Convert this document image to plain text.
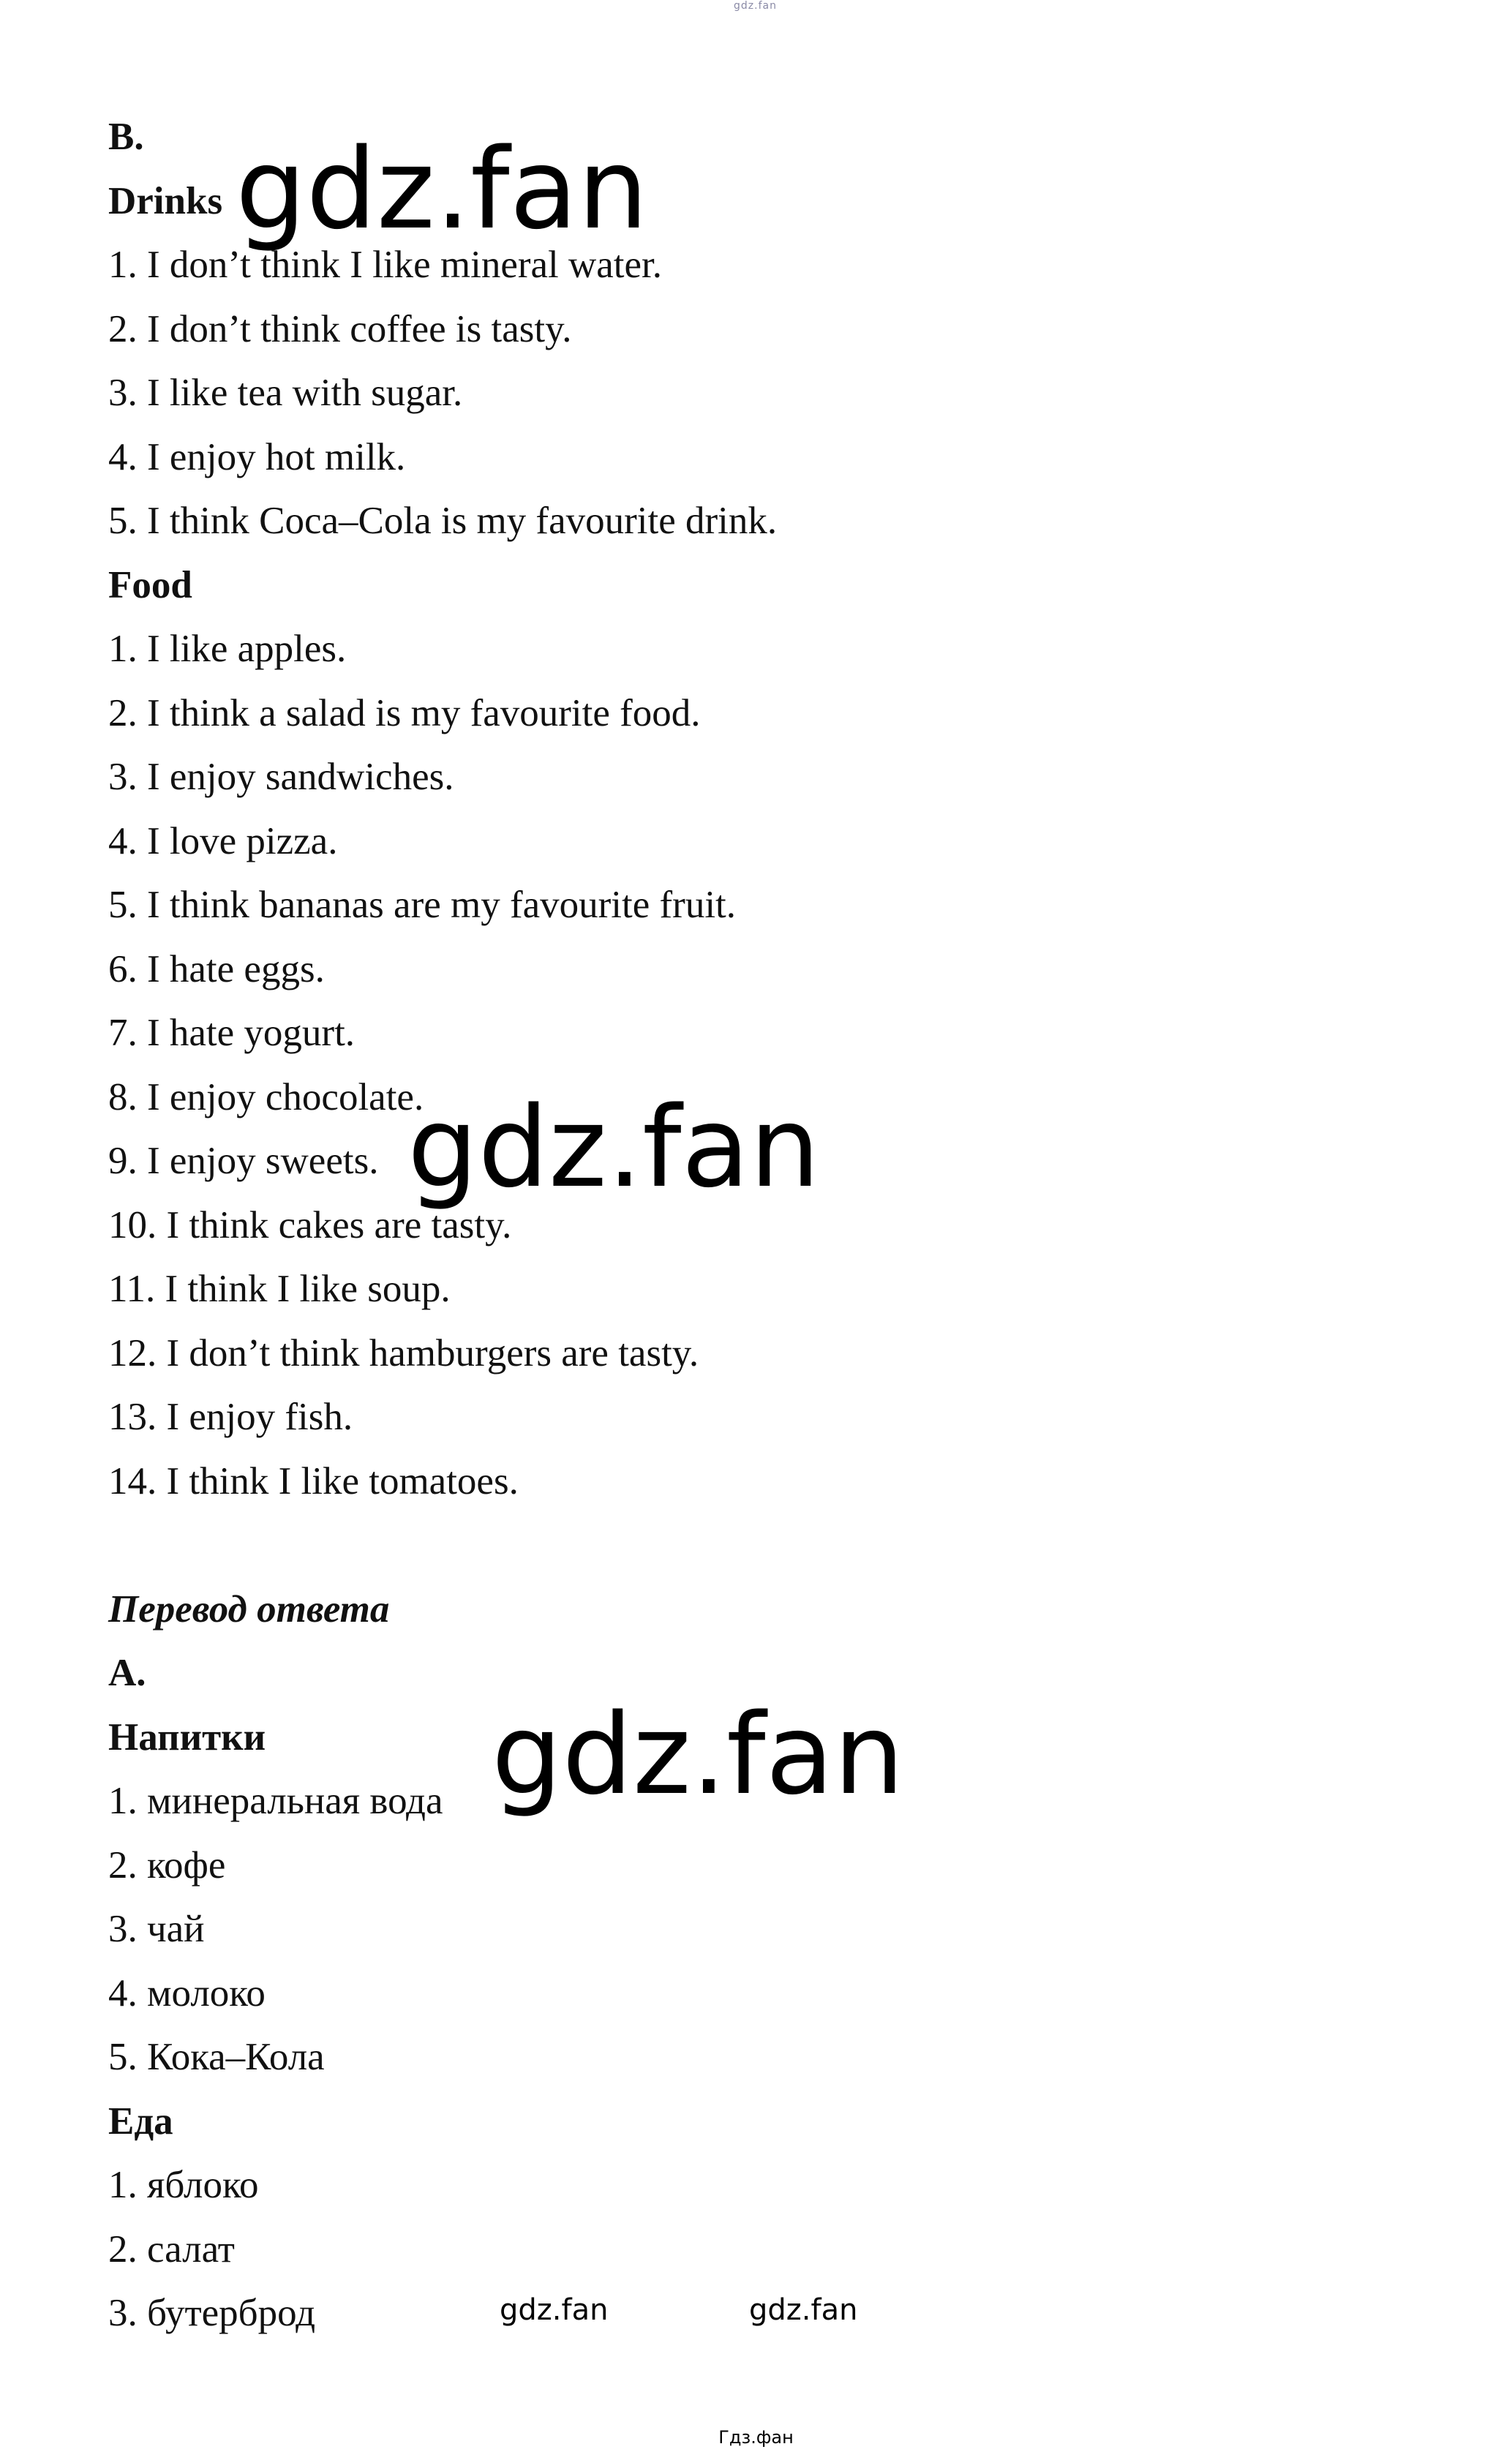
gdz.fan
B.
Drinks
1. I don’t think I like mineral water.
2. I don’t think coffee is tasty.
3. I like tea with sugar.
4. I enjoy hot milk.
5. I think Coca–Cola is my favourite drink.
Food
1. I like apples.
2. I think a salad is my favourite food.
3. I enjoy sandwiches.
4. I love pizza.
5. I think bananas are my favourite fruit.
6. I hate eggs.
7. I hate yogurt.
8. I enjoy chocolate.
9. I enjoy sweets.
10. I think cakes are tasty.
11. I think I like soup.
12. I don’t think hamburgers are tasty.
13. I enjoy fish.
14. I think I like tomatoes.
Перевод ответа
A.
Напитки
1. минеральная вода
2. кофе
3. чай
4. молоко
5. Кока–Кола
Еда
1. яблоко
2. салат
3. бутерброд
gdz.fan
gdz.fan
gdz.fan
gdz.fan	gdz.fan
Гдз.фан
